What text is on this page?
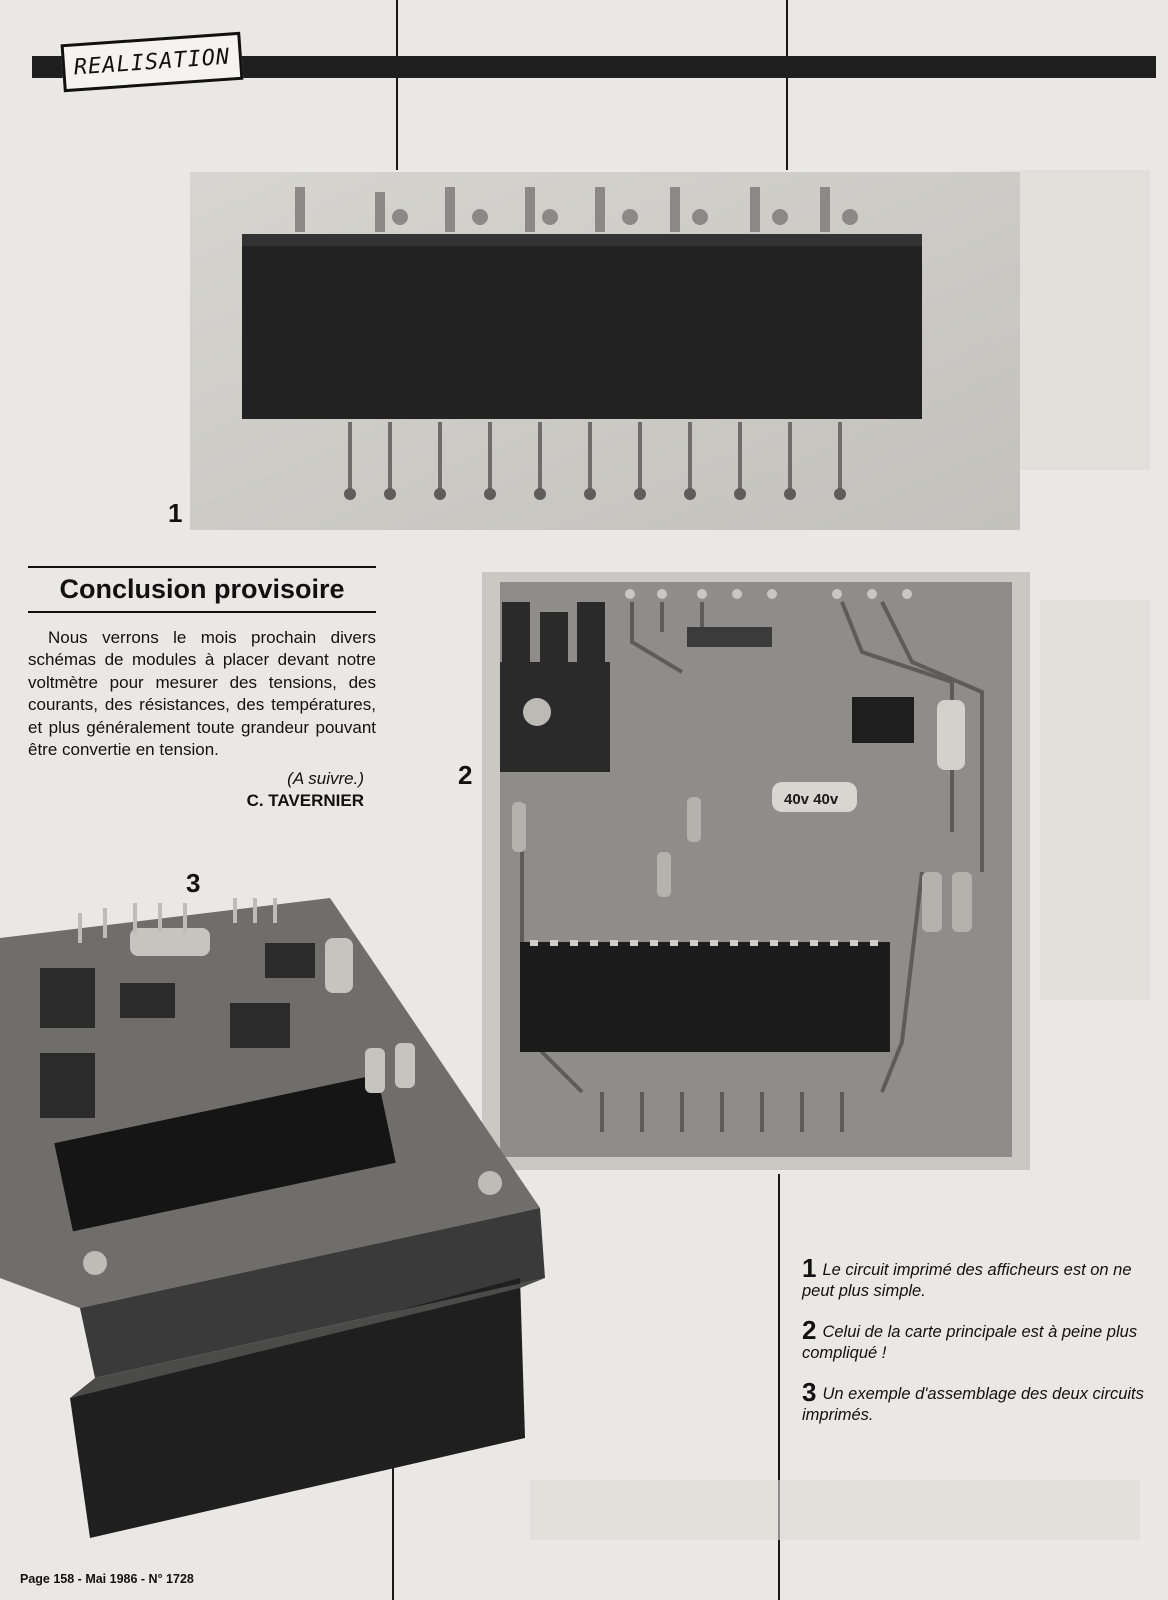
REALISATION
1
Conclusion provisoire

Nous verrons le mois prochain divers schémas de modules à placer devant notre voltmètre pour mesurer des tensions, des courants, des résistances, des températures, et plus généralement toute grandeur pouvant être convertie en tension.

(A suivre.)
C. TAVERNIER	40v 40v
2
3
1 Le circuit imprimé des afficheurs est on ne peut plus simple.
2 Celui de la carte principale est à peine plus compliqué !
3 Un exemple d'assemblage des deux circuits imprimés.
Page 158 - Mai 1986 - N° 1728
